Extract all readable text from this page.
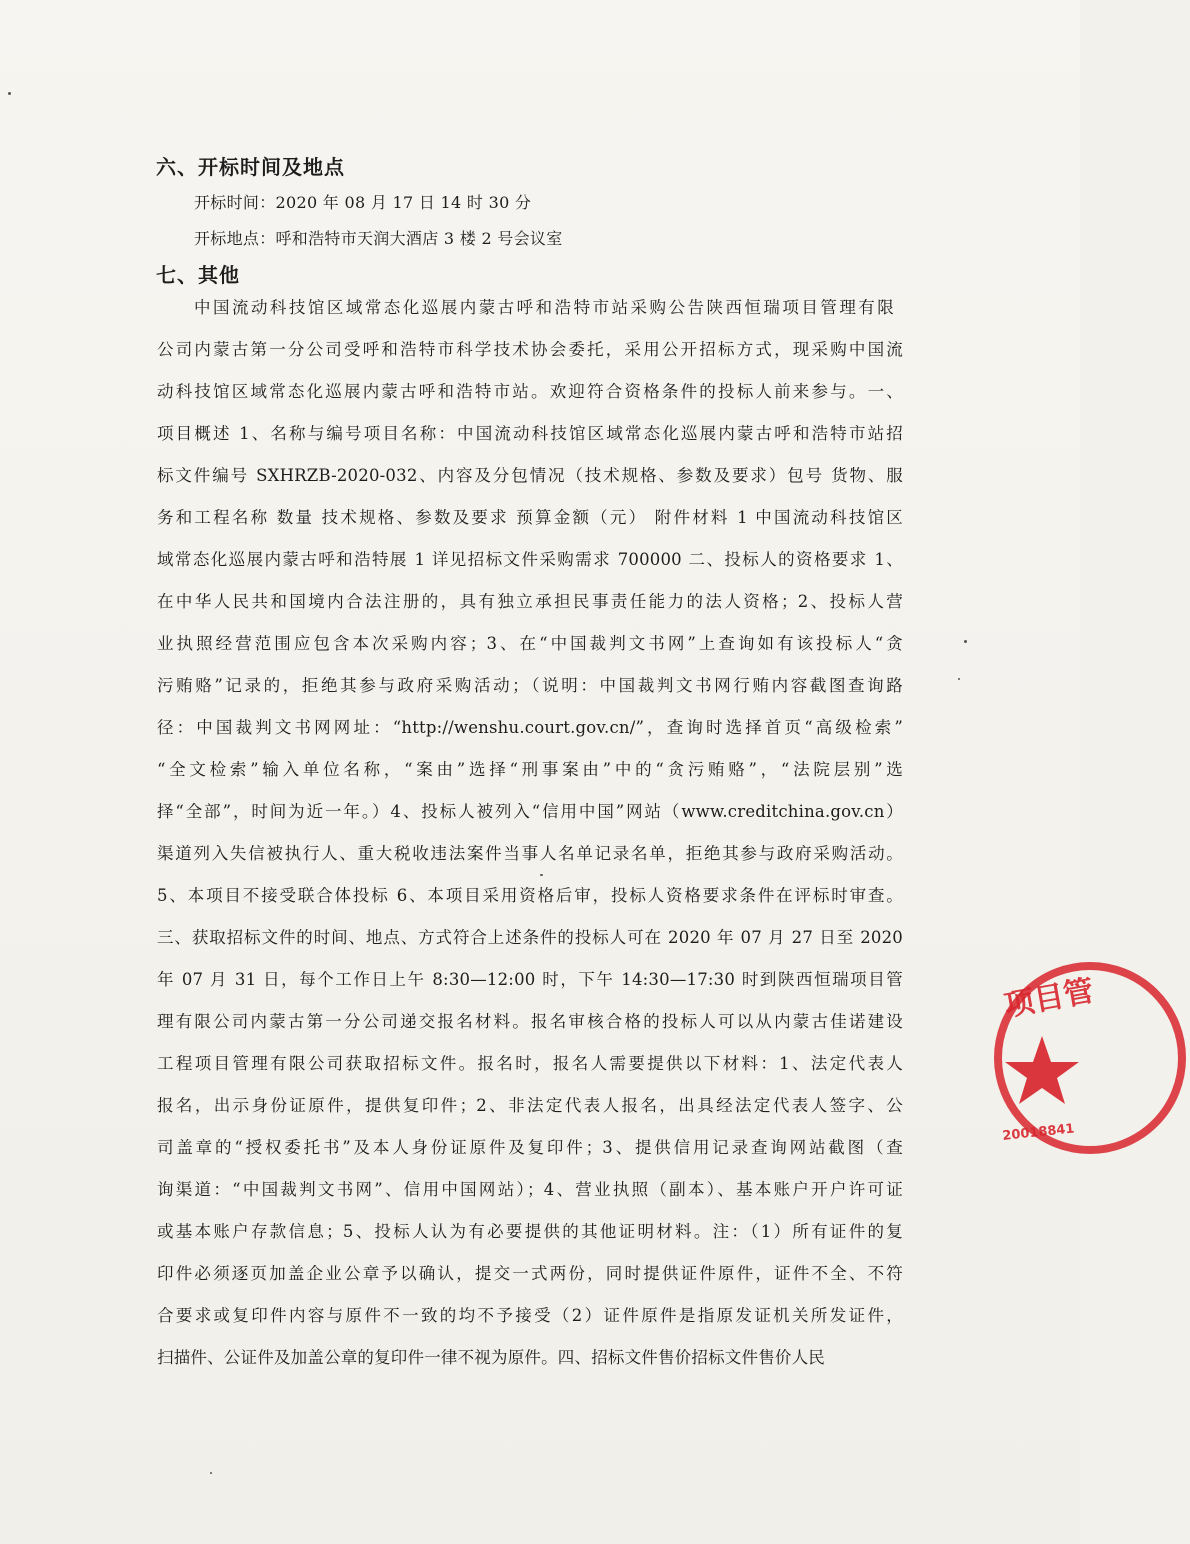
六、开标时间及地点
开标时间：2020 年 08 月 17 日 14 时 30 分
开标地点：呼和浩特市天润大酒店 3 楼 2 号会议室
七、其他
中国流动科技馆区域常态化巡展内蒙古呼和浩特市站采购公告陕西恒瑞项目管理有限
公司内蒙古第一分公司受呼和浩特市科学技术协会委托，采用公开招标方式，现采购中国流
动科技馆区域常态化巡展内蒙古呼和浩特市站。欢迎符合资格条件的投标人前来参与。一、
项目概述 1、名称与编号项目名称：中国流动科技馆区域常态化巡展内蒙古呼和浩特市站招
标文件编号 SXHRZB-2020-032、内容及分包情况（技术规格、参数及要求）包号 货物、服
务和工程名称 数量 技术规格、参数及要求 预算金额（元） 附件材料 1 中国流动科技馆区
域常态化巡展内蒙古呼和浩特展 1 详见招标文件采购需求 700000 二、投标人的资格要求 1、
在中华人民共和国境内合法注册的，具有独立承担民事责任能力的法人资格；2、投标人营
业执照经营范围应包含本次采购内容；3、在“中国裁判文书网”上查询如有该投标人“贪
污贿赂”记录的，拒绝其参与政府采购活动；（说明：中国裁判文书网行贿内容截图查询路
径：中国裁判文书网网址：“http://wenshu.court.gov.cn/”，查询时选择首页“高级检索”
“全文检索”输入单位名称，“案由”选择“刑事案由”中的“贪污贿赂”，“法院层别”选
择“全部”，时间为近一年。）4、投标人被列入“信用中国”网站（www.creditchina.gov.cn）
渠道列入失信被执行人、重大税收违法案件当事人名单记录名单，拒绝其参与政府采购活动。
5、本项目不接受联合体投标 6、本项目采用资格后审，投标人资格要求条件在评标时审查。
三、获取招标文件的时间、地点、方式符合上述条件的投标人可在 2020 年 07 月 27 日至 2020
年 07 月 31 日，每个工作日上午 8:30—12:00 时，下午 14:30—17:30 时到陕西恒瑞项目管
理有限公司内蒙古第一分公司递交报名材料。报名审核合格的投标人可以从内蒙古佳诺建设
工程项目管理有限公司获取招标文件。报名时，报名人需要提供以下材料：1、法定代表人
报名，出示身份证原件，提供复印件；2、非法定代表人报名，出具经法定代表人签字、公
司盖章的“授权委托书”及本人身份证原件及复印件；3、提供信用记录查询网站截图（查
询渠道：“中国裁判文书网”、信用中国网站）；4、营业执照（副本）、基本账户开户许可证
或基本账户存款信息；5、投标人认为有必要提供的其他证明材料。注：（1）所有证件的复
印件必须逐页加盖企业公章予以确认，提交一式两份，同时提供证件原件，证件不全、不符
合要求或复印件内容与原件不一致的均不予接受（2）证件原件是指原发证机关所发证件，
扫描件、公证件及加盖公章的复印件一律不视为原件。四、招标文件售价招标文件售价人民
项目管
20018841
